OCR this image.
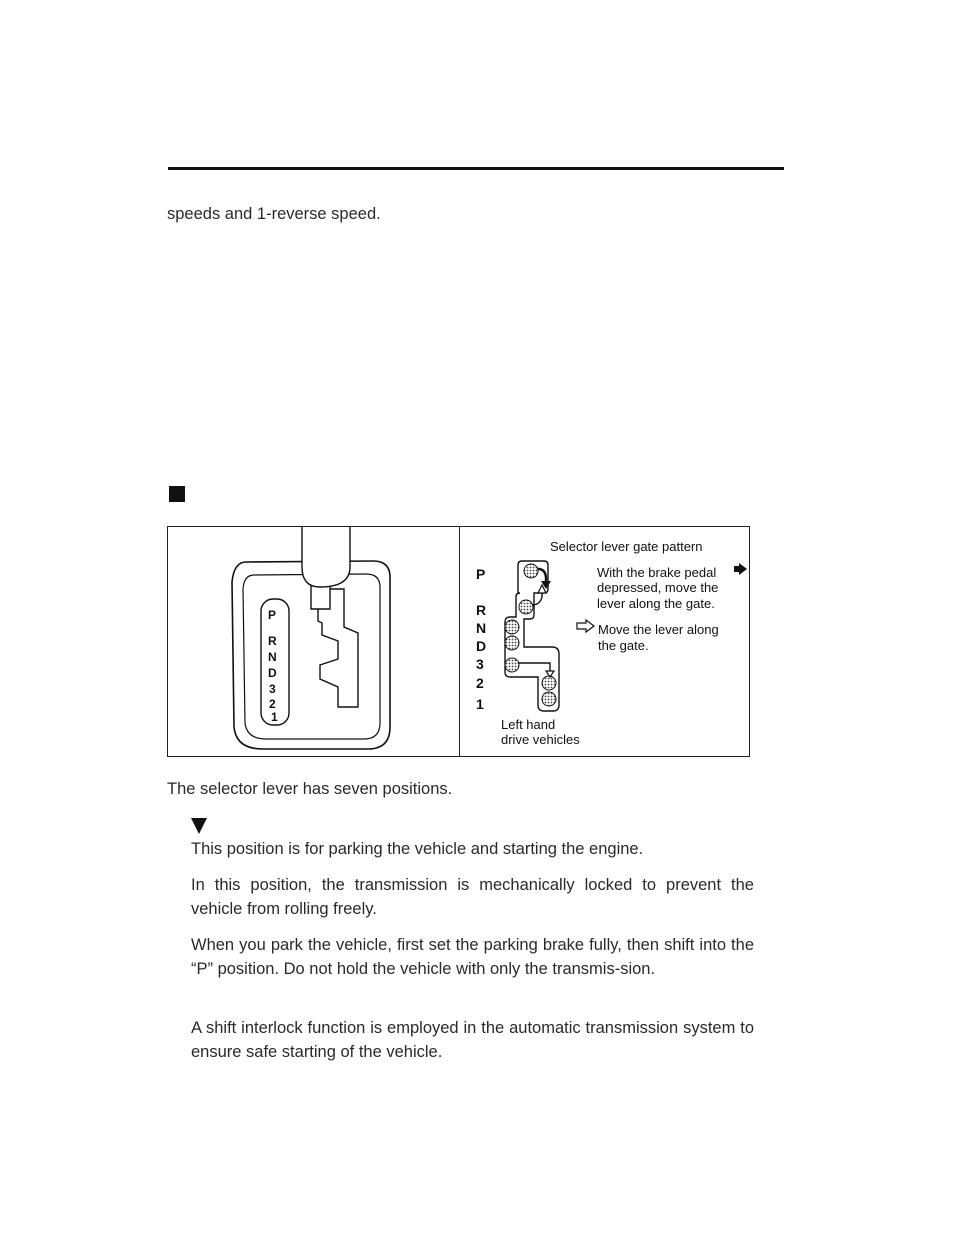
speeds and 1-reverse speed.

P
R
N
D
3
2
1
Selector lever gate pattern
P
R
N
D
3
2
1
With the brake pedal
depressed, move the
lever along the gate.
Move the lever along
the gate.
Left hand
drive vehicles

The selector lever has seven positions.

This position is for parking the vehicle and starting the engine.

In this position, the transmission is mechanically locked to prevent the vehicle from rolling freely.

When you park the vehicle, first set the parking brake fully, then shift into the “P” position. Do not hold the vehicle with only the transmis-sion.

A shift interlock function is employed in the automatic transmission system to ensure safe starting of the vehicle.
